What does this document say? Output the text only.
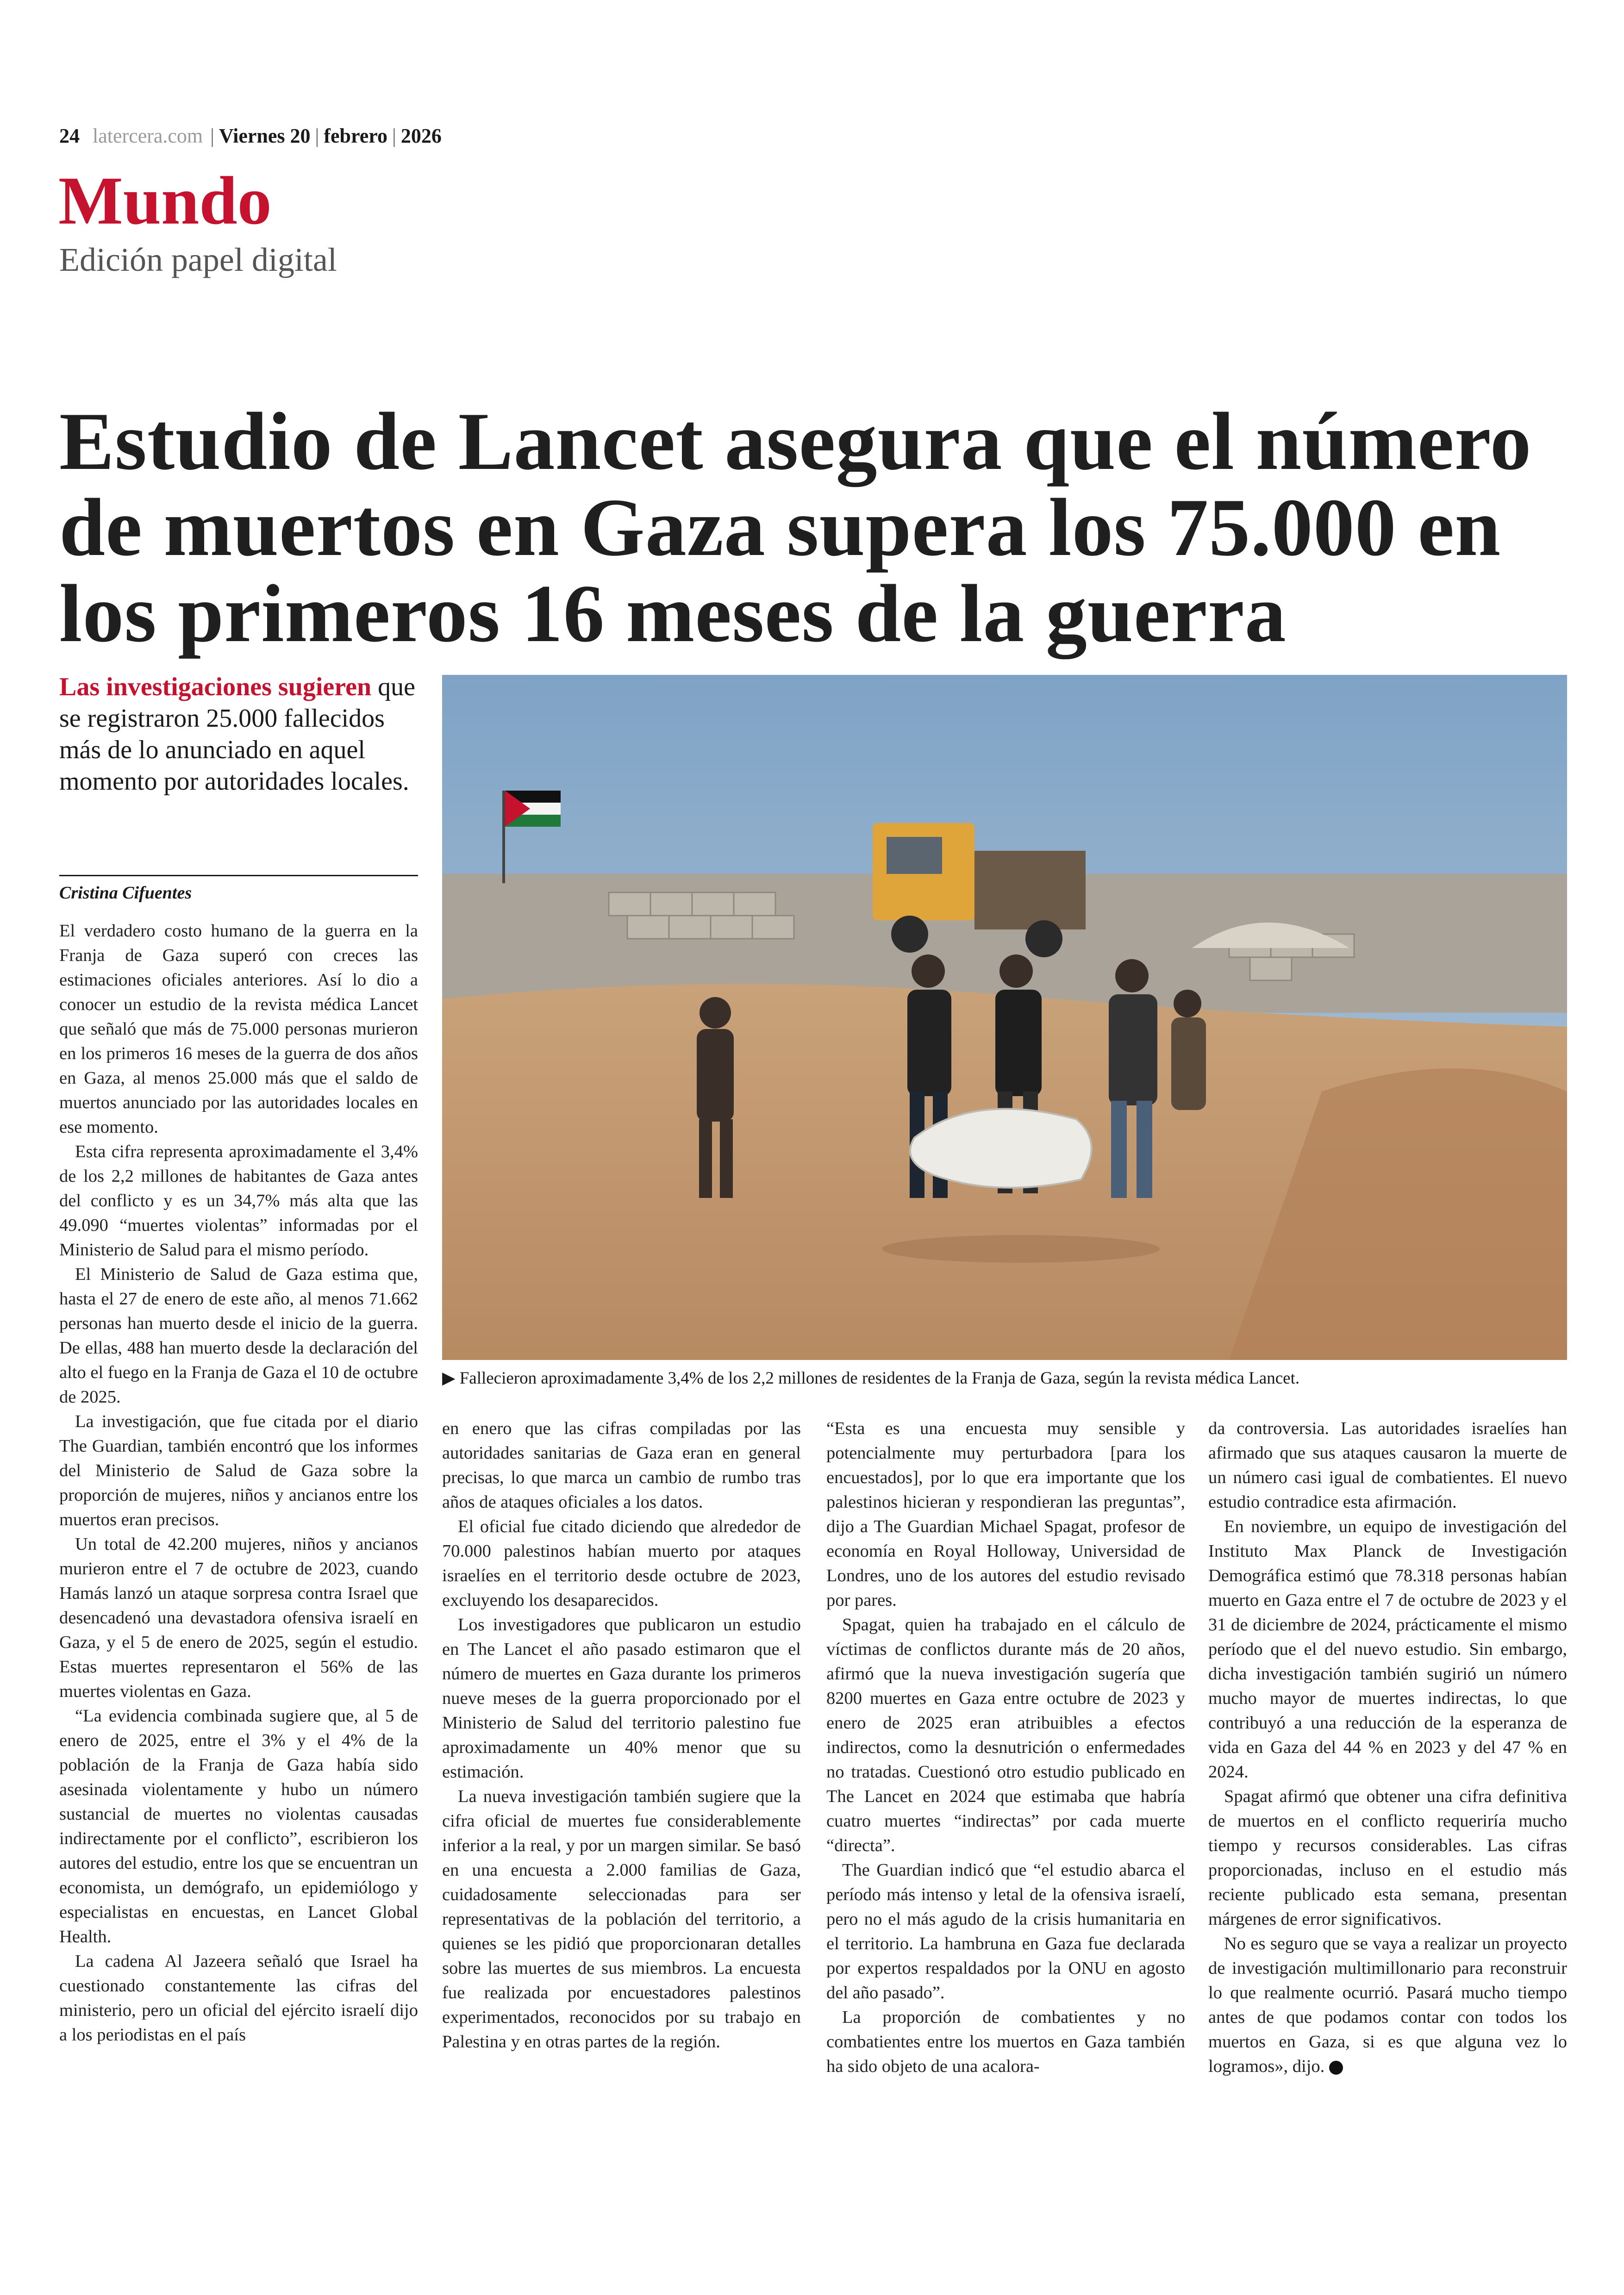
24 latercera.com | Viernes 20 | febrero | 2026
Mundo
Edición papel digital
Estudio de Lancet asegura que el número de muertos en Gaza supera los 75.000 en los primeros 16 meses de la guerra
Las investigaciones sugieren que se registraron 25.000 fallecidos más de lo anunciado en aquel momento por autoridades locales.
Cristina Cifuentes
▶ Fallecieron aproximadamente 3,4% de los 2,2 millones de residentes de la Franja de Gaza, según la revista médica Lancet.

El verdadero costo humano de la guerra en la Franja de Gaza superó con creces las estimaciones oficiales anteriores. Así lo dio a conocer un estudio de la revista médica Lancet que señaló que más de 75.000 personas murieron en los primeros 16 meses de la guerra de dos años en Gaza, al menos 25.000 más que el saldo de muertos anunciado por las autoridades locales en ese momento.

Esta cifra representa aproximadamente el 3,4% de los 2,2 millones de habitantes de Gaza antes del conflicto y es un 34,7% más alta que las 49.090 “muertes violentas” informadas por el Ministerio de Salud para el mismo período.

El Ministerio de Salud de Gaza estima que, hasta el 27 de enero de este año, al menos 71.662 personas han muerto desde el inicio de la guerra. De ellas, 488 han muerto desde la declaración del alto el fuego en la Franja de Gaza el 10 de octubre de 2025.

La investigación, que fue citada por el diario The Guardian, también encontró que los informes del Ministerio de Salud de Gaza sobre la proporción de mujeres, niños y ancianos entre los muertos eran precisos.

Un total de 42.200 mujeres, niños y ancianos murieron entre el 7 de octubre de 2023, cuando Hamás lanzó un ataque sorpresa contra Israel que desencadenó una devastadora ofensiva israelí en Gaza, y el 5 de enero de 2025, según el estudio. Estas muertes representaron el 56% de las muertes violentas en Gaza.

“La evidencia combinada sugiere que, al 5 de enero de 2025, entre el 3% y el 4% de la población de la Franja de Gaza había sido asesinada violentamente y hubo un número sustancial de muertes no violentas causadas indirectamente por el conflicto”, escribieron los autores del estudio, entre los que se encuentran un economista, un demógrafo, un epidemiólogo y especialistas en encuestas, en Lancet Global Health.

La cadena Al Jazeera señaló que Israel ha cuestionado constantemente las cifras del ministerio, pero un oficial del ejército israelí dijo a los periodistas en el país

en enero que las cifras compiladas por las autoridades sanitarias de Gaza eran en general precisas, lo que marca un cambio de rumbo tras años de ataques oficiales a los datos.

El oficial fue citado diciendo que alrededor de 70.000 palestinos habían muerto por ataques israelíes en el territorio desde octubre de 2023, excluyendo los desaparecidos.

Los investigadores que publicaron un estudio en The Lancet el año pasado estimaron que el número de muertes en Gaza durante los primeros nueve meses de la guerra proporcionado por el Ministerio de Salud del territorio palestino fue aproximadamente un 40% menor que su estimación.

La nueva investigación también sugiere que la cifra oficial de muertes fue considerablemente inferior a la real, y por un margen similar. Se basó en una encuesta a 2.000 familias de Gaza, cuidadosamente seleccionadas para ser representativas de la población del territorio, a quienes se les pidió que proporcionaran detalles sobre las muertes de sus miembros. La encuesta fue realizada por encuestadores palestinos experimentados, reconocidos por su trabajo en Palestina y en otras partes de la región.

“Esta es una encuesta muy sensible y potencialmente muy perturbadora [para los encuestados], por lo que era importante que los palestinos hicieran y respondieran las preguntas”, dijo a The Guardian Michael Spagat, profesor de economía en Royal Holloway, Universidad de Londres, uno de los autores del estudio revisado por pares.

Spagat, quien ha trabajado en el cálculo de víctimas de conflictos durante más de 20 años, afirmó que la nueva investigación sugería que 8200 muertes en Gaza entre octubre de 2023 y enero de 2025 eran atribuibles a efectos indirectos, como la desnutrición o enfermedades no tratadas. Cuestionó otro estudio publicado en The Lancet en 2024 que estimaba que habría cuatro muertes “indirectas” por cada muerte “directa”.

The Guardian indicó que “el estudio abarca el período más intenso y letal de la ofensiva israelí, pero no el más agudo de la crisis humanitaria en el territorio. La hambruna en Gaza fue declarada por expertos respaldados por la ONU en agosto del año pasado”.

La proporción de combatientes y no combatientes entre los muertos en Gaza también ha sido objeto de una acalora-

da controversia. Las autoridades israelíes han afirmado que sus ataques causaron la muerte de un número casi igual de combatientes. El nuevo estudio contradice esta afirmación.

En noviembre, un equipo de investigación del Instituto Max Planck de Investigación Demográfica estimó que 78.318 personas habían muerto en Gaza entre el 7 de octubre de 2023 y el 31 de diciembre de 2024, prácticamente el mismo período que el del nuevo estudio. Sin embargo, dicha investigación también sugirió un número mucho mayor de muertes indirectas, lo que contribuyó a una reducción de la esperanza de vida en Gaza del 44 % en 2023 y del 47 % en 2024.

Spagat afirmó que obtener una cifra definitiva de muertos en el conflicto requeriría mucho tiempo y recursos considerables. Las cifras proporcionadas, incluso en el estudio más reciente publicado esta semana, presentan márgenes de error significativos.

No es seguro que se vaya a realizar un proyecto de investigación multimillonario para reconstruir lo que realmente ocurrió. Pasará mucho tiempo antes de que podamos contar con todos los muertos en Gaza, si es que alguna vez lo logramos», dijo.
